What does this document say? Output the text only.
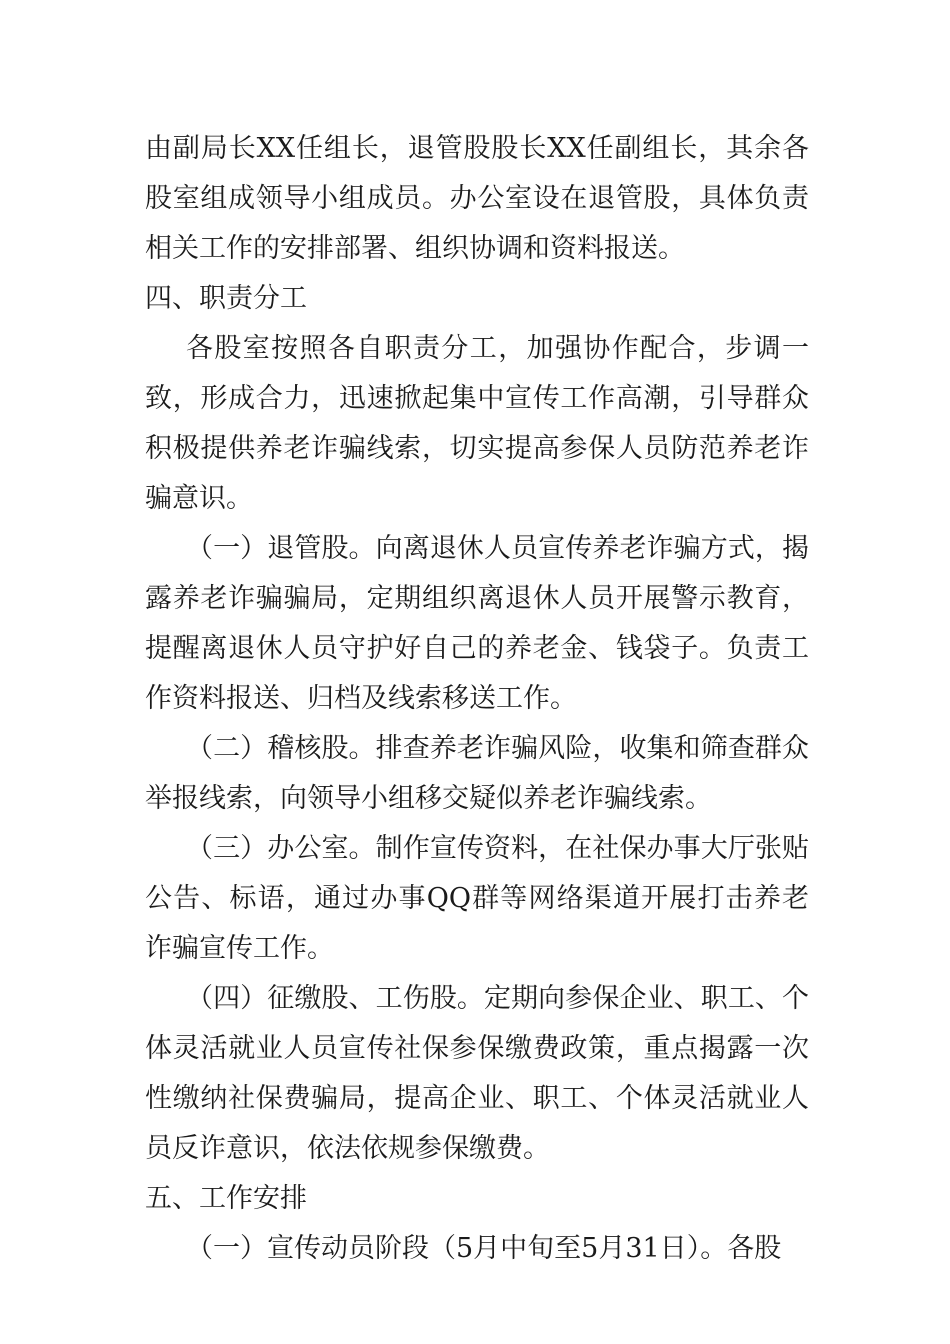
由副局长XX任组长，退管股股长XX任副组长，其余各股室组成领导小组成员。办公室设在退管股，具体负责相关工作的安排部署、组织协调和资料报送。

四、职责分工

各股室按照各自职责分工，加强协作配合，步调一致，形成合力，迅速掀起集中宣传工作高潮，引导群众积极提供养老诈骗线索，切实提高参保人员防范养老诈骗意识。

（一）退管股。向离退休人员宣传养老诈骗方式，揭露养老诈骗骗局，定期组织离退休人员开展警示教育，提醒离退休人员守护好自己的养老金、钱袋子。负责工作资料报送、归档及线索移送工作。

（二）稽核股。排查养老诈骗风险，收集和筛查群众举报线索，向领导小组移交疑似养老诈骗线索。

（三）办公室。制作宣传资料，在社保办事大厅张贴公告、标语，通过办事QQ群等网络渠道开展打击养老诈骗宣传工作。

（四）征缴股、工伤股。定期向参保企业、职工、个体灵活就业人员宣传社保参保缴费政策，重点揭露一次性缴纳社保费骗局，提高企业、职工、个体灵活就业人员反诈意识，依法依规参保缴费。

五、工作安排

（一）宣传动员阶段（5月中旬至5月31日）。各股
